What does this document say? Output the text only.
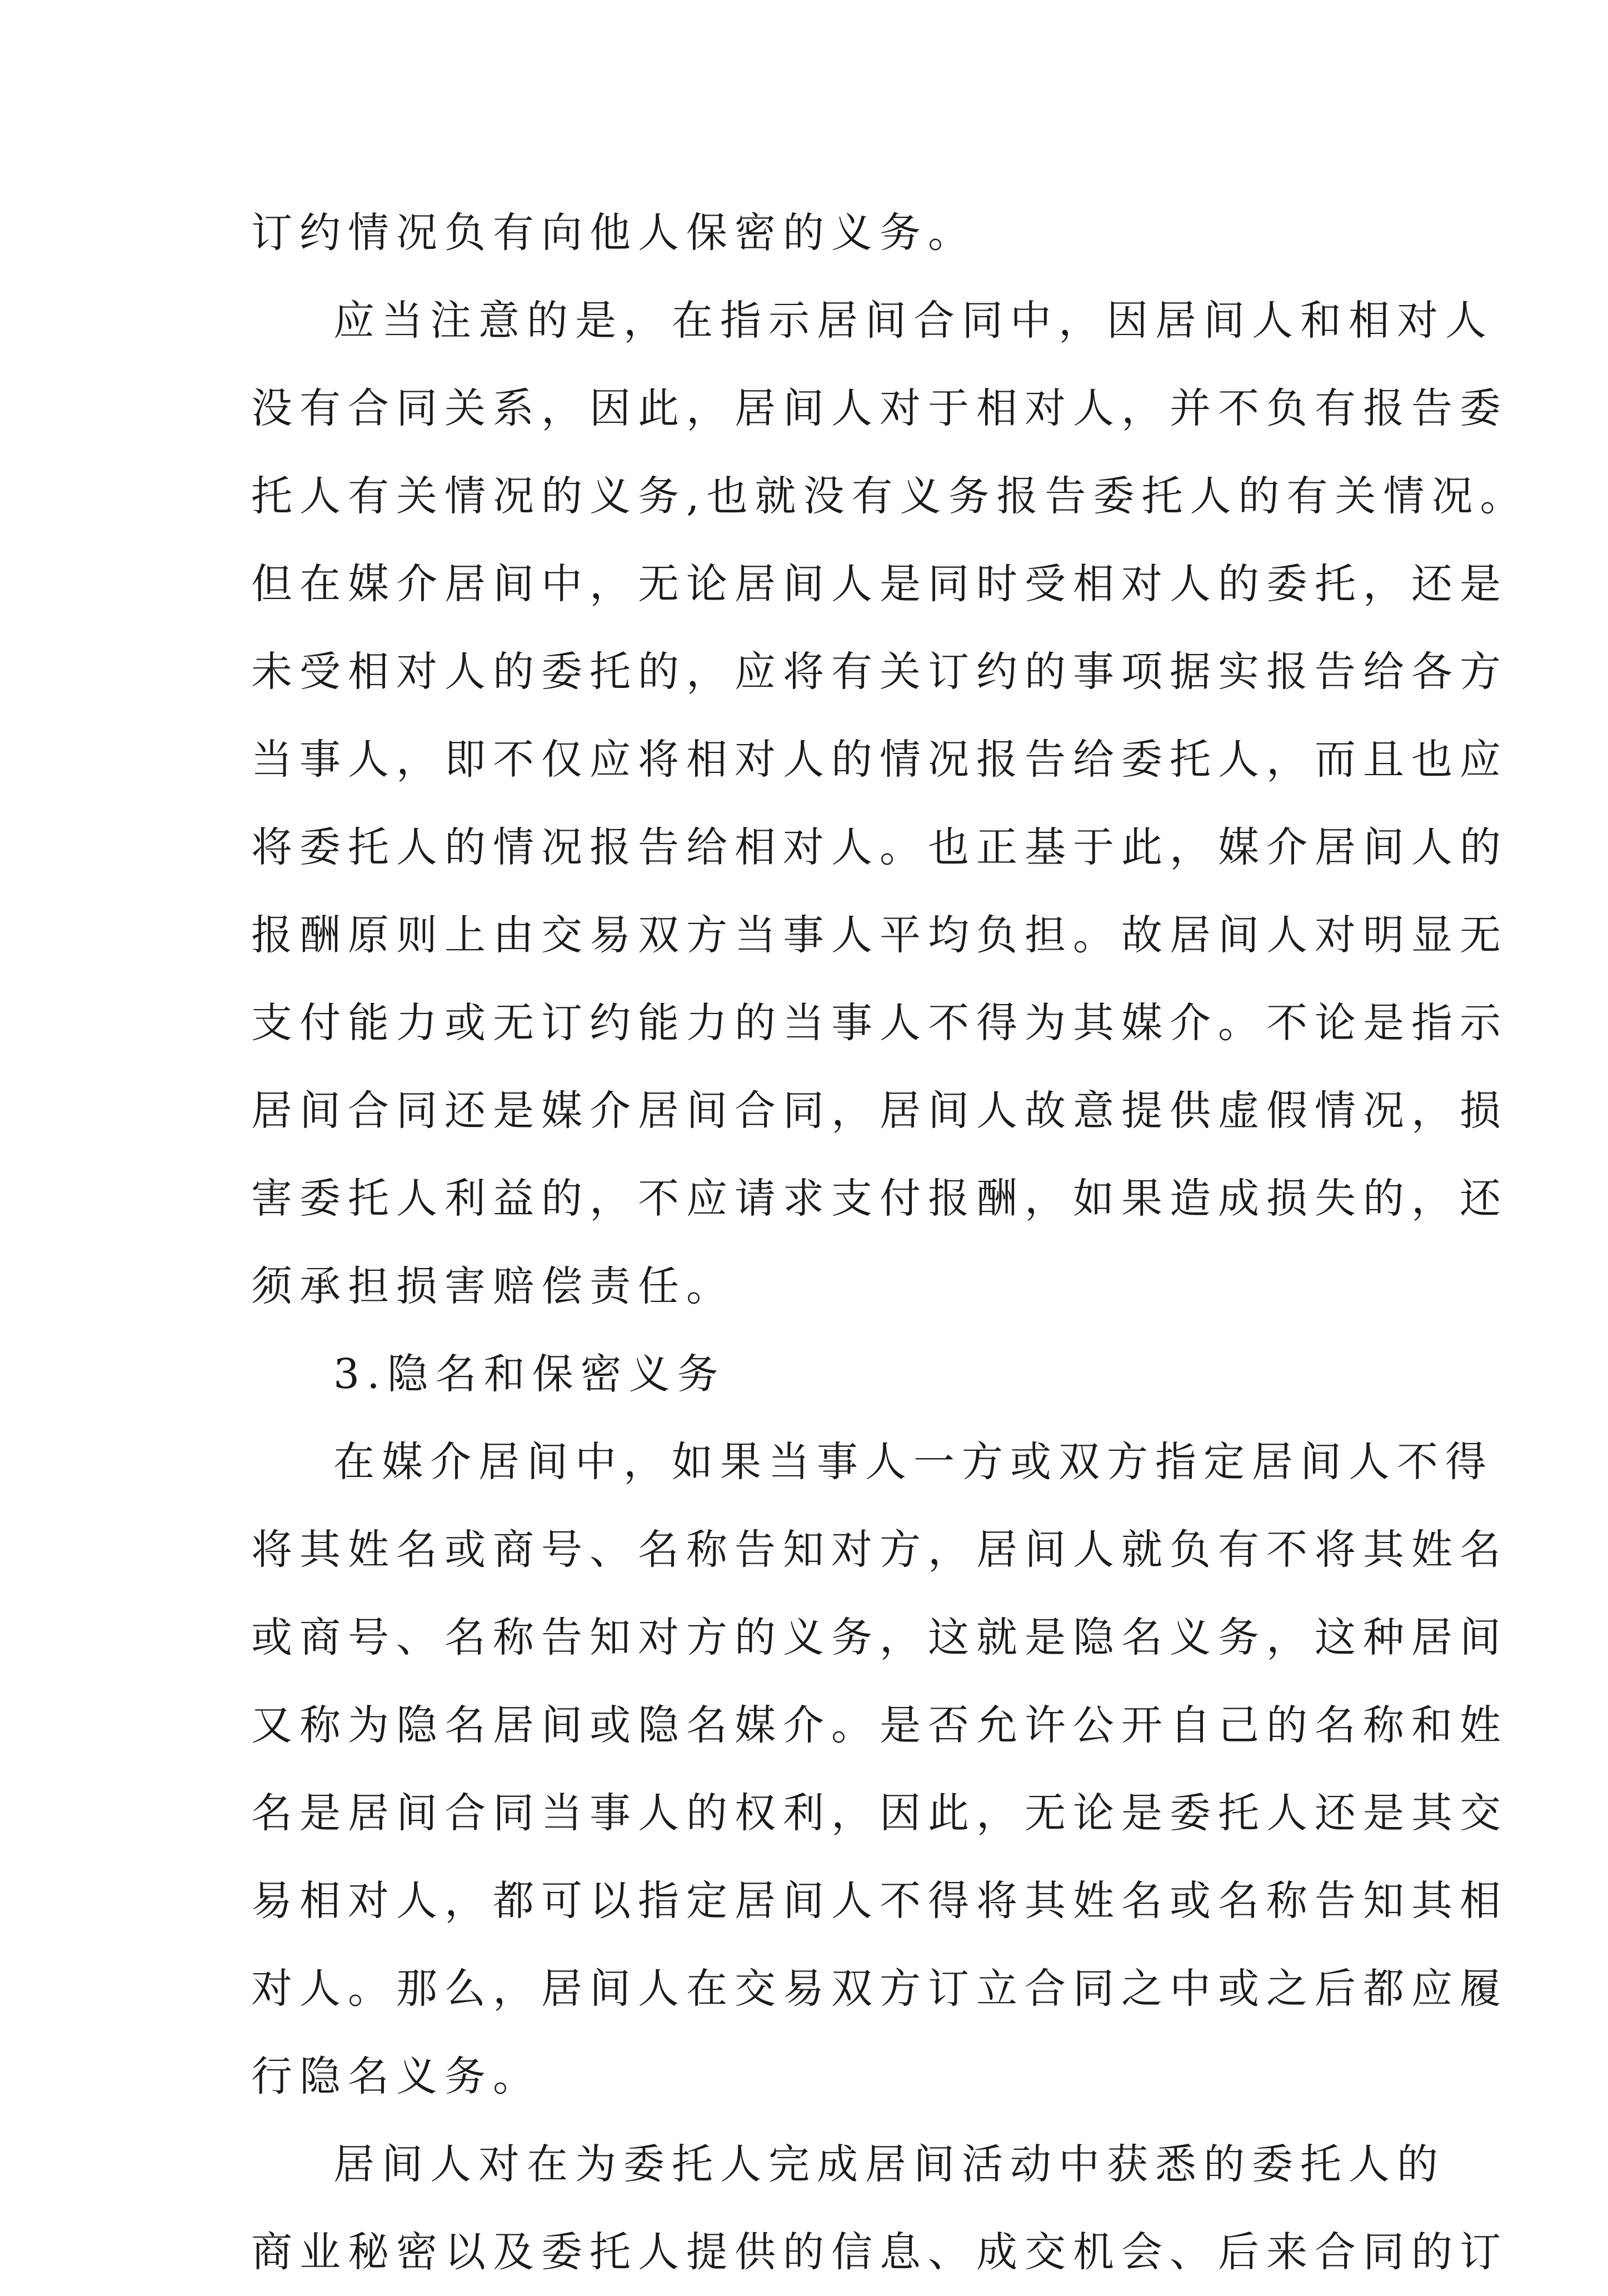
订约情况负有向他人保密的义务。
应当注意的是，在指示居间合同中，因居间人和相对人
没有合同关系，因此，居间人对于相对人，并不负有报告委
托人有关情况的义务,也就没有义务报告委托人的有关情况。
但在媒介居间中，无论居间人是同时受相对人的委托，还是
未受相对人的委托的，应将有关订约的事项据实报告给各方
当事人，即不仅应将相对人的情况报告给委托人，而且也应
将委托人的情况报告给相对人。也正基于此，媒介居间人的
报酬原则上由交易双方当事人平均负担。故居间人对明显无
支付能力或无订约能力的当事人不得为其媒介。不论是指示
居间合同还是媒介居间合同，居间人故意提供虚假情况，损
害委托人利益的，不应请求支付报酬，如果造成损失的，还
须承担损害赔偿责任。
3.隐名和保密义务
在媒介居间中，如果当事人一方或双方指定居间人不得
将其姓名或商号、名称告知对方，居间人就负有不将其姓名
或商号、名称告知对方的义务，这就是隐名义务，这种居间
又称为隐名居间或隐名媒介。是否允许公开自己的名称和姓
名是居间合同当事人的权利，因此，无论是委托人还是其交
易相对人，都可以指定居间人不得将其姓名或名称告知其相
对人。那么，居间人在交易双方订立合同之中或之后都应履
行隐名义务。
居间人对在为委托人完成居间活动中获悉的委托人的
商业秘密以及委托人提供的信息、成交机会、后来合同的订
